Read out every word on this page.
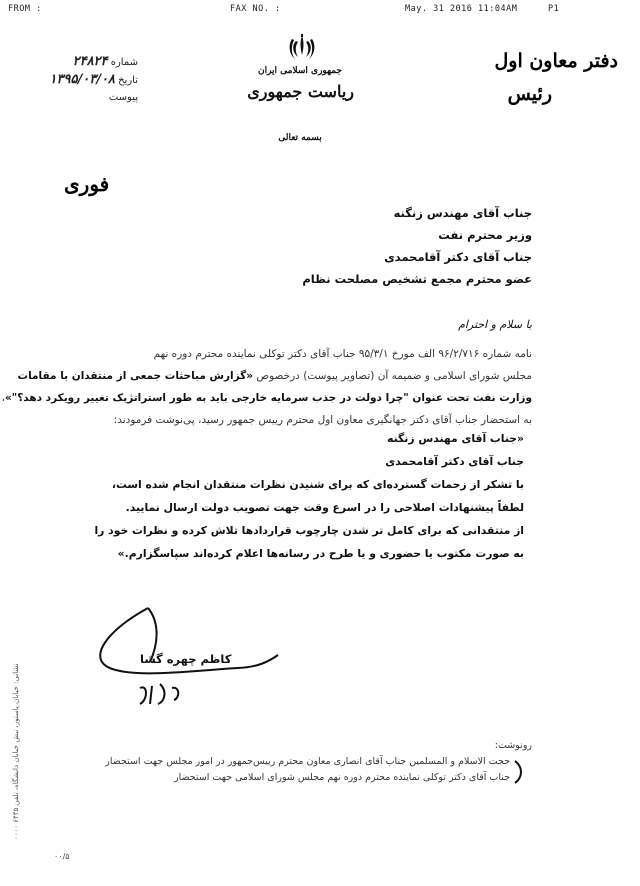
FROM :	FAX NO. :	May. 31 2016 11:04AM	P1
دفتر معاون اول
رئیس
جمهوری اسلامی ایران
ریاست جمهوری
شماره ۲۴۸۲۴
تاریخ ۱۳۹۵/۰۳/۰۸
پیوست
بسمه تعالی
فوری
جناب آقای مهندس زنگنه
وزیر محترم نفت
جناب آقای دکتر آقامحمدی
عضو محترم مجمع تشخیص مصلحت نظام
با سلام و احترام
نامه شماره ۹۶/۲/۷۱۶ الف مورخ ۹۵/۳/۱ جناب آقای دکتر توکلی نماینده محترم دوره نهم
مجلس شورای اسلامی و ضمیمه آن (تصاویر پیوست) درخصوص «گزارش مباحثات جمعی از منتقدان با مقامات
وزارت نفت تحت عنوان "چرا دولت در جذب سرمایه خارجی باید به طور استراتژیک تغییر رویکرد دهد؟"»،
به استحضار جناب آقای دکتر جهانگیری معاون اول محترم رییس جمهور رسید، پی‌نوشت فرمودند:
«جناب آقای مهندس زنگنه
جناب آقای دکتر آقامحمدی
با تشکر از زحمات گسترده‌ای که برای شنیدن نظرات منتقدان انجام شده است،
لطفاً پیشنهادات اصلاحی را در اسرع وقت جهت تصویب دولت ارسال نمایید.
از منتقدانی که برای کامل تر شدن چارچوب قراردادها تلاش کرده و نظرات خود را
به صورت مکتوب یا حضوری و یا طرح در رسانه‌ها اعلام کرده‌اند سپاسگزارم.»
کاظم چهره گشا
رونوشت:
حجت الاسلام و المسلمین جناب آقای انصاری معاون محترم رییس‌جمهور در امور مجلس جهت استحضار
جناب آقای دکتر توکلی نماینده محترم دوره نهم مجلس شورای اسلامی جهت استحضار
نشانی: خیابان پاستور، نبش خیابان دانشگاه، تلفن ۶۴۴۵ ۰۰۰۰
۰۰/۵
